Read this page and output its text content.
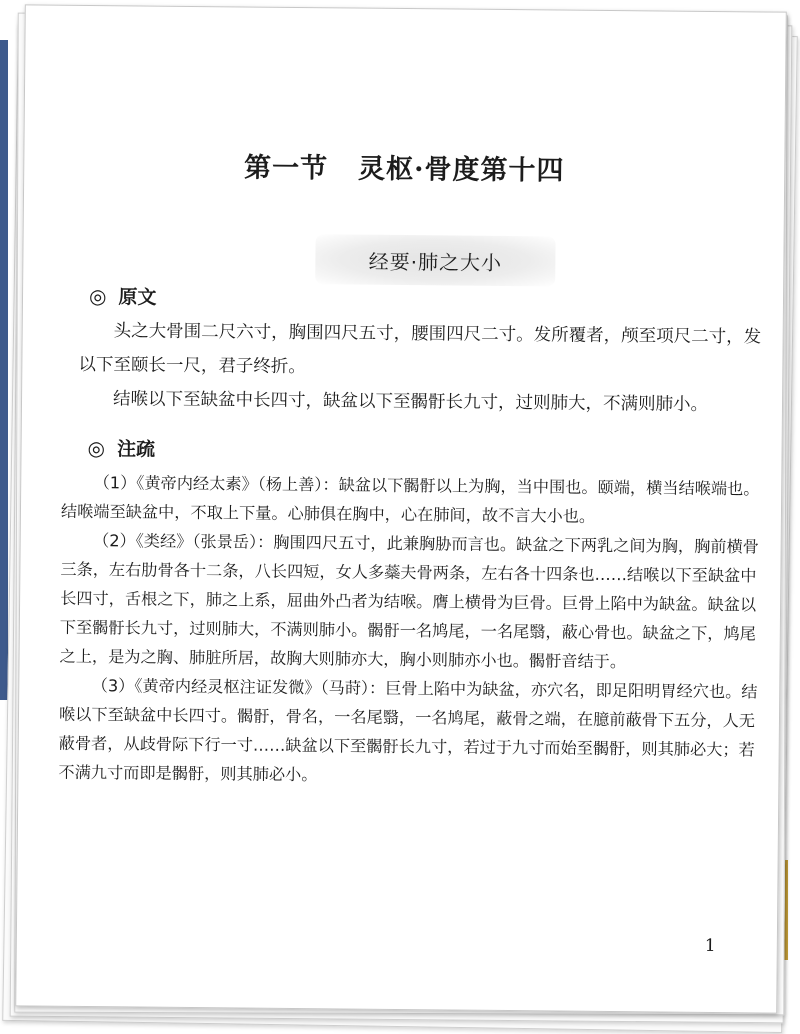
第一节 灵枢·骨度第十四
经要·肺之大小
◎ 原文

头之大骨围二尺六寸，胸围四尺五寸，腰围四尺二寸。发所覆者，颅至项尺二寸，发以下至颐长一尺，君子终折。

结喉以下至缺盆中长四寸，缺盆以下至𩩲骬长九寸，过则肺大，不满则肺小。

◎ 注疏

（1）《黄帝内经太素》（杨上善）：缺盆以下𩩲骬以上为胸，当中围也。颐端，横当结喉端也。结喉端至缺盆中，不取上下量。心肺俱在胸中，心在肺间，故不言大小也。

（2）《类经》（张景岳）：胸围四尺五寸，此兼胸胁而言也。缺盆之下两乳之间为胸，胸前横骨三条，左右肋骨各十二条，八长四短，女人多蘂夫骨两条，左右各十四条也……结喉以下至缺盆中长四寸，舌根之下，肺之上系，屈曲外凸者为结喉。膺上横骨为巨骨。巨骨上陷中为缺盆。缺盆以下至𩩲骬长九寸，过则肺大，不满则肺小。𩩲骬一名鸠尾，一名尾翳，蔽心骨也。缺盆之下，鸠尾之上，是为之胸、肺脏所居，故胸大则肺亦大，胸小则肺亦小也。𩩲骬音结于。

（3）《黄帝内经灵枢注证发微》（马莳）：巨骨上陷中为缺盆，亦穴名，即足阳明胃经穴也。结喉以下至缺盆中长四寸。𩩲骬，骨名，一名尾翳，一名鸠尾，蔽骨之端，在臆前蔽骨下五分，人无蔽骨者，从歧骨际下行一寸……缺盆以下至𩩲骬长九寸，若过于九寸而始至𩩲骬，则其肺必大；若不满九寸而即是𩩲骬，则其肺必小。

1
